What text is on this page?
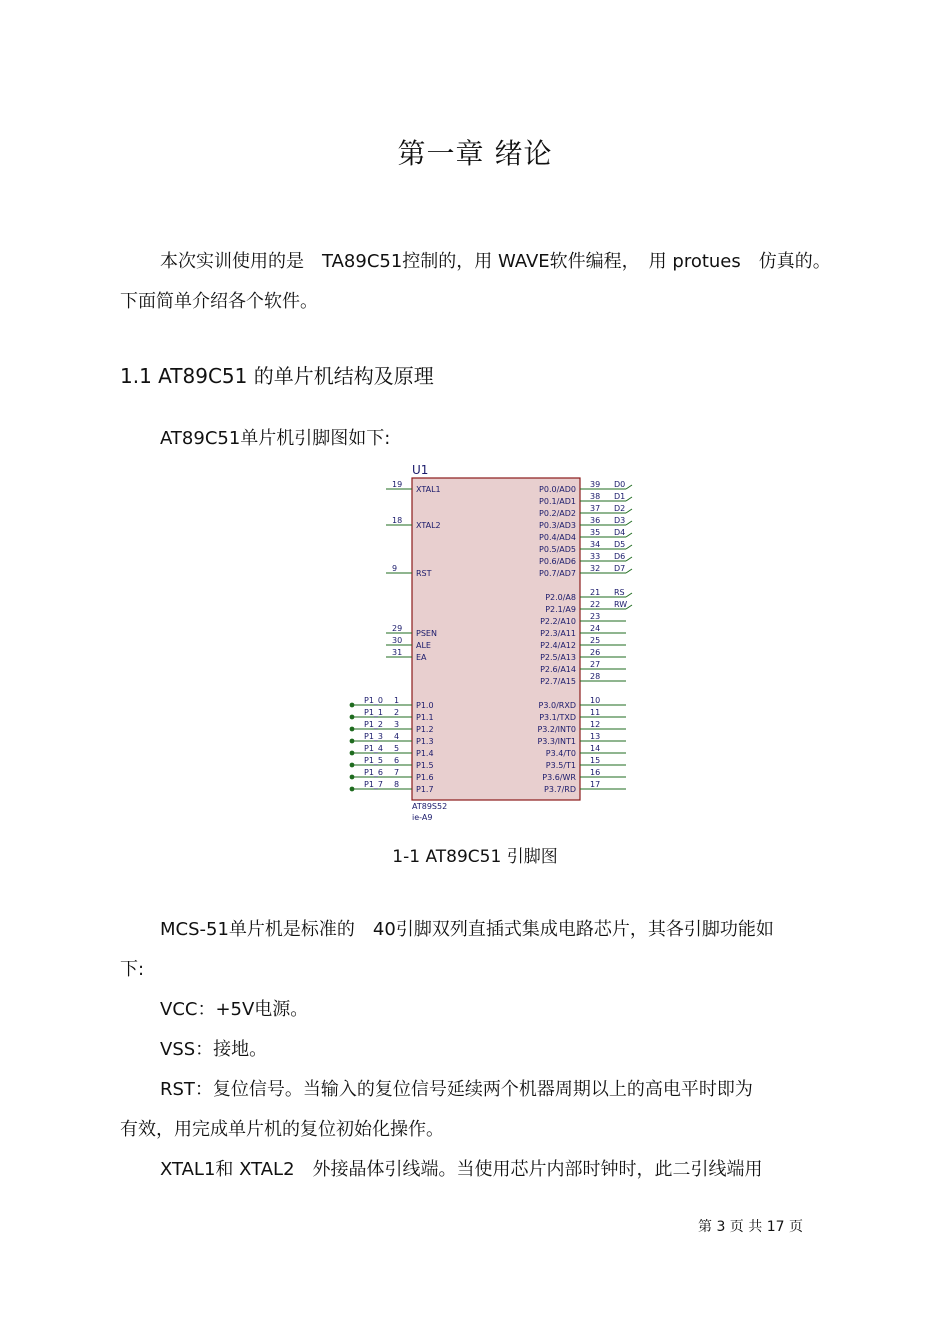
第一章 绪论
本次实训使用的是　TA89C51控制的，用 WAVE软件编程，　用 protues　仿真的。
下面简单介绍各个软件。
1.1 AT89C51 的单片机结构及原理
AT89C51单片机引脚图如下:
U1
AT89S52
ie-A9
19
XTAL1
18
XTAL2
9
RST
29
PSEN
30
ALE
31
EA
P1_0 1
P1.0
P1_1 2
P1.1
P1_2 3
P1.2
P1_3 4
P1.3
P1_4 5
P1.4
P1_5 6
P1.5
P1_6 7
P1.6
P1_7 8
P1.7
39
P0.0/AD0
D0
38
P0.1/AD1
D1
37
P0.2/AD2
D2
36
P0.3/AD3
D3
35
P0.4/AD4
D4
34
P0.5/AD5
D5
33
P0.6/AD6
D6
32
P0.7/AD7
D7
21
P2.0/A8
RS
22
P2.1/A9
RW
23
P2.2/A10
24
P2.3/A11
25
P2.4/A12
26
P2.5/A13
27
P2.6/A14
28
P2.7/A15
10
P3.0/RXD
11
P3.1/TXD
12
P3.2/INT0
13
P3.3/INT1
14
P3.4/T0
15
P3.5/T1
16
P3.6/WR
17
P3.7/RD
1-1 AT89C51 引脚图
MCS-51单片机是标准的　40引脚双列直插式集成电路芯片，其各引脚功能如
下:
VCC：+5V电源。
VSS：接地。
RST：复位信号。当输入的复位信号延续两个机器周期以上的高电平时即为
有效，用完成单片机的复位初始化操作。
XTAL1和 XTAL2　外接晶体引线端。当使用芯片内部时钟时，此二引线端用
第 3 页 共 17 页
